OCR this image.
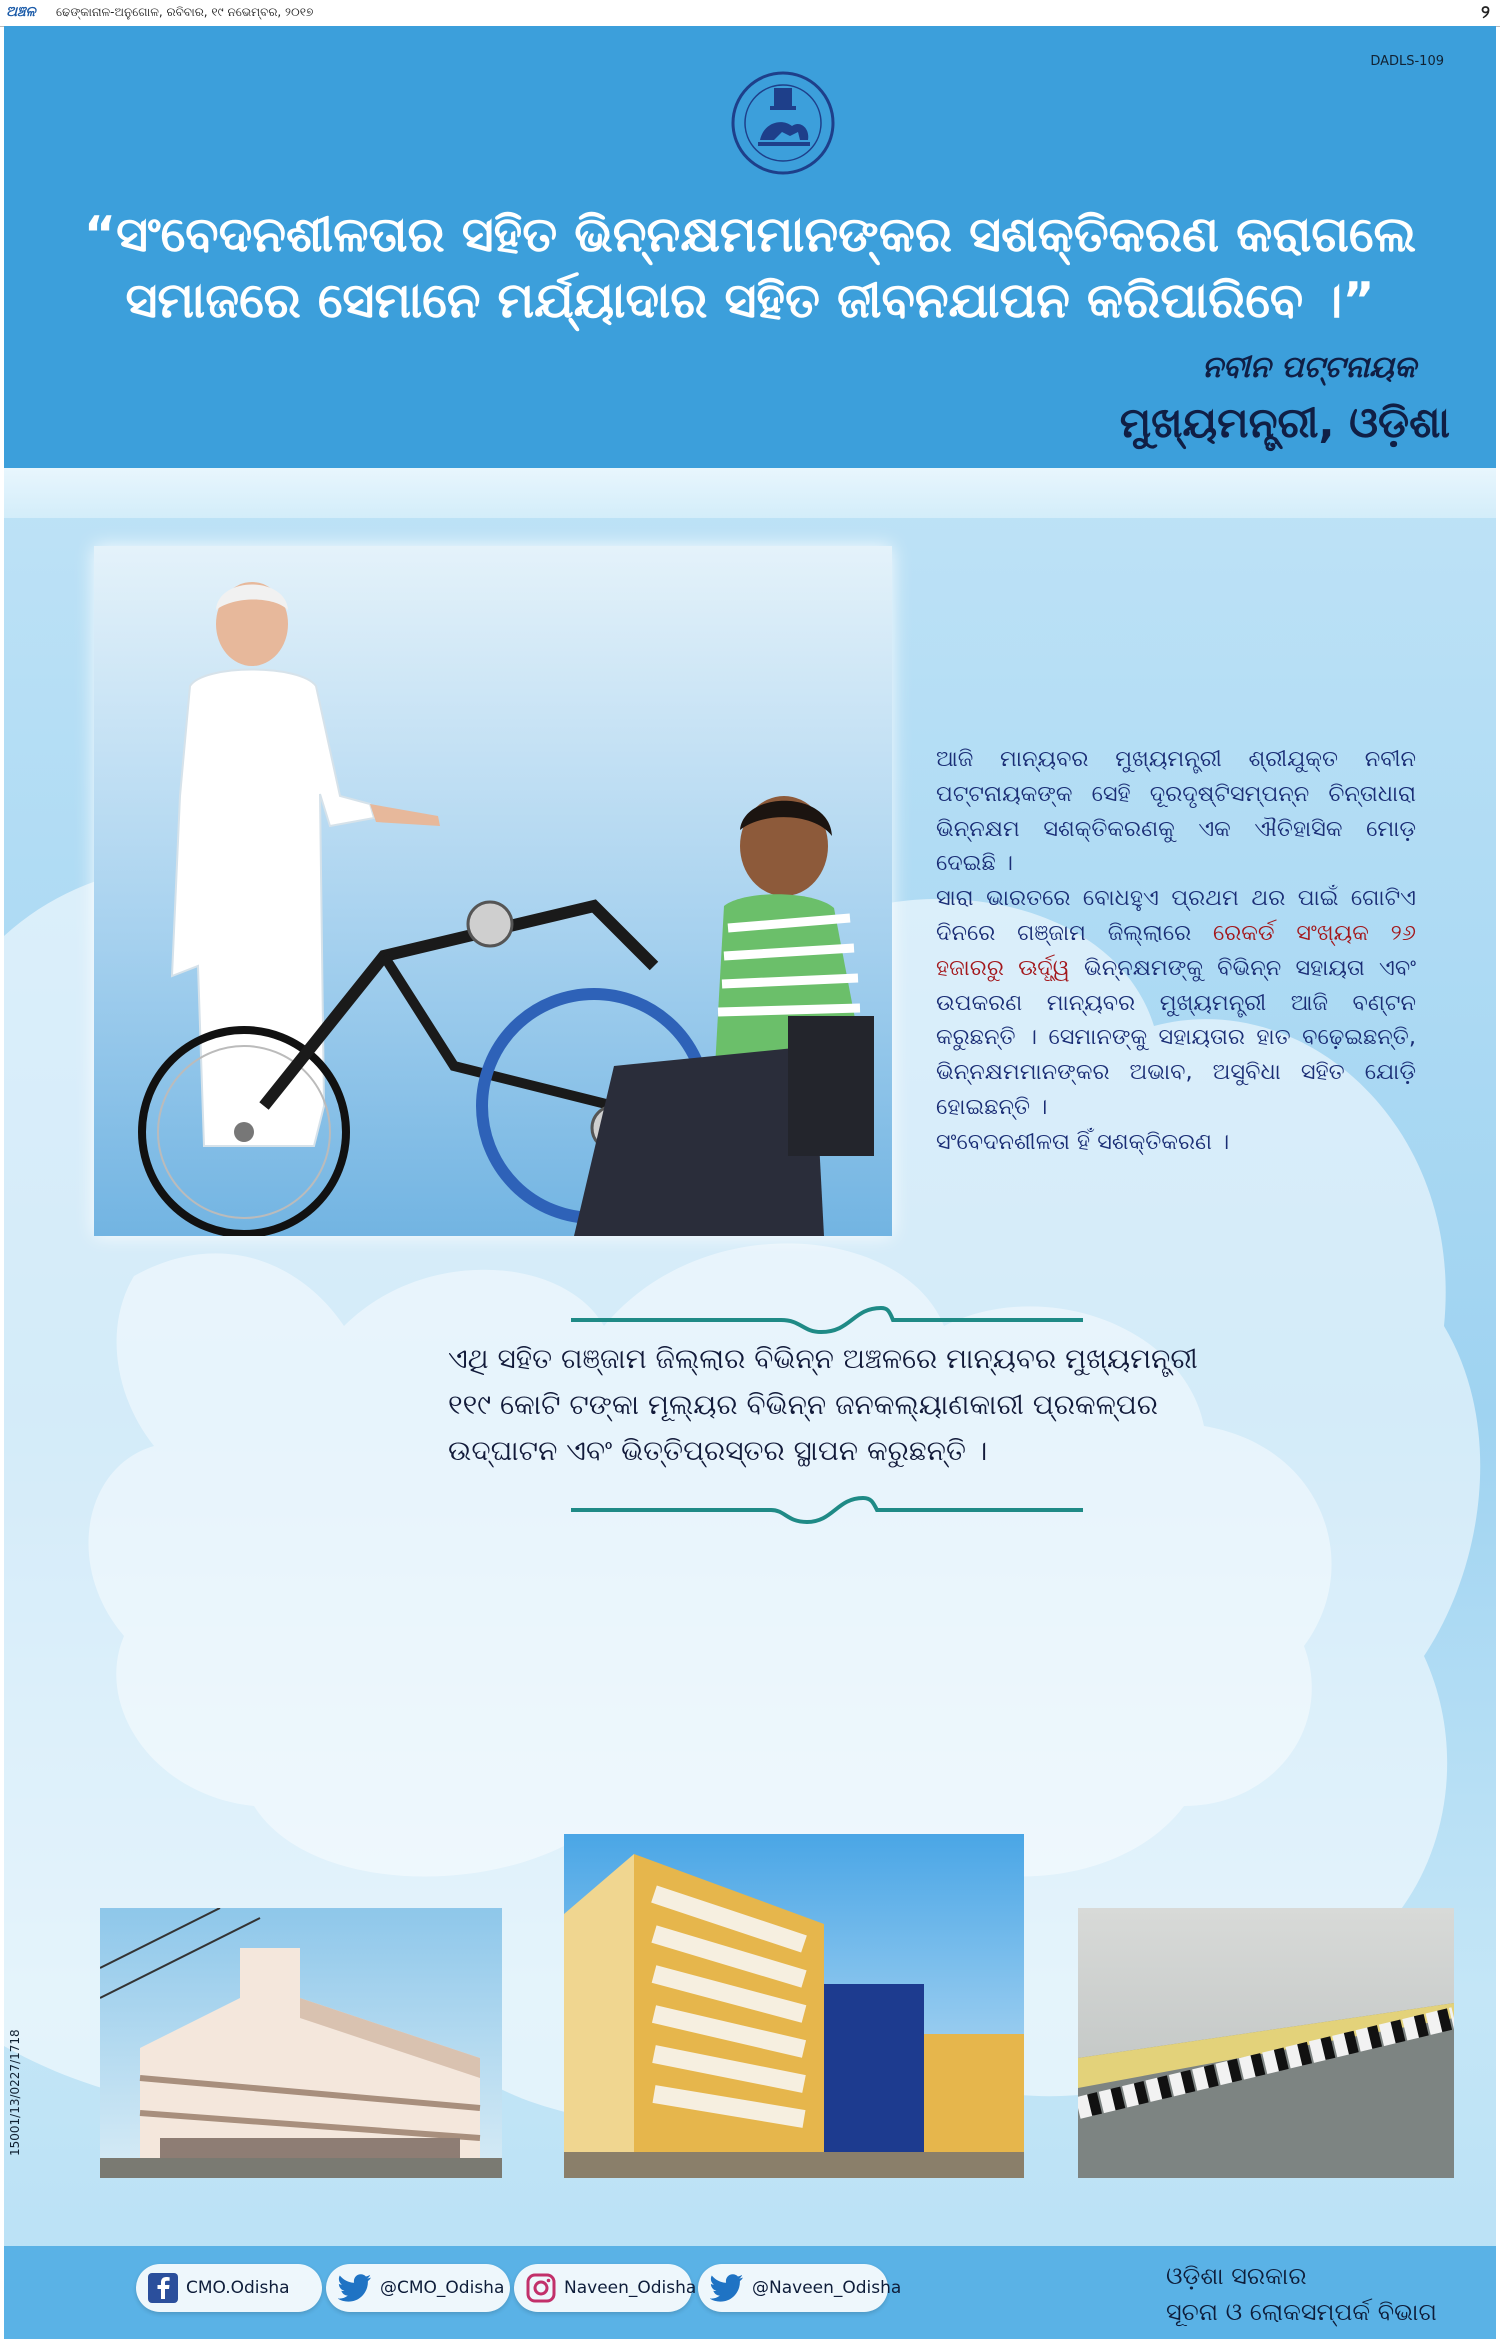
ଅଞ୍ଚଳ ଢେଙ୍କାନାଳ-ଅନୁଗୋଳ, ରବିବାର, ୧୯ ନଭେମ୍ବର, ୨୦୧୭	୨
DADLS-109
“ସଂବେଦନଶୀଳତାର ସହିତ ଭିନ୍ନକ୍ଷମମାନଙ୍କର ସଶକ୍ତିକରଣ କରାଗଲେ
ସମାଜରେ ସେମାନେ ମର୍ଯ୍ୟାଦାର ସହିତ ଜୀବନଯାପନ କରିପାରିବେ ।”
ନବୀନ ପଟ୍ଟନାୟକ
ମୁଖ୍ୟମନ୍ତ୍ରୀ, ଓଡ଼ିଶା

ଆଜି ମାନ୍ୟବର ମୁଖ୍ୟମନ୍ତ୍ରୀ ଶ୍ରୀଯୁକ୍ତ ନବୀନ ପଟ୍ଟନାୟକଙ୍କ ସେହି ଦୂରଦୃଷ୍ଟିସମ୍ପନ୍ନ ଚିନ୍ତାଧାରା ଭିନ୍ନକ୍ଷମ ସଶକ୍ତିକରଣକୁ ଏକ ଐତିହାସିକ ମୋଡ଼ ଦେଇଛି ।

ସାରା ଭାରତରେ ବୋଧହୁଏ ପ୍ରଥମ ଥର ପାଇଁ ଗୋଟିଏ ଦିନରେ ଗଞ୍ଜାମ ଜିଲ୍ଲାରେ ରେକର୍ଡ ସଂଖ୍ୟକ ୨୬ ହଜାରରୁ ଊର୍ଦ୍ଧ୍ୱ ଭିନ୍ନକ୍ଷମଙ୍କୁ ବିଭିନ୍ନ ସହାୟତା ଏବଂ ଉପକରଣ ମାନ୍ୟବର ମୁଖ୍ୟମନ୍ତ୍ରୀ ଆଜି ବଣ୍ଟନ କରୁଛନ୍ତି । ସେମାନଙ୍କୁ ସହାୟତାର ହାତ ବଢ଼େଇଛନ୍ତି, ଭିନ୍ନକ୍ଷମମାନଙ୍କର ଅଭାବ, ଅସୁବିଧା ସହିତ ଯୋଡ଼ି ହୋଇଛନ୍ତି ।

ସଂବେଦନଶୀଳତା ହିଁ ସଶକ୍ତିକରଣ ।

ଏଥି ସହିତ ଗଞ୍ଜାମ ଜିଲ୍ଲାର ବିଭିନ୍ନ ଅଞ୍ଚଳରେ ମାନ୍ୟବର ମୁଖ୍ୟମନ୍ତ୍ରୀ ୧୧୯ କୋଟି ଟଙ୍କା ମୂଲ୍ୟର ବିଭିନ୍ନ ଜନକଲ୍ୟାଣକାରୀ ପ୍ରକଳ୍ପର ଉଦ୍‌ଘାଟନ ଏବଂ ଭିତ୍ତିପ୍ରସ୍ତର ସ୍ଥାପନ କରୁଛନ୍ତି ।
CMO.Odisha	@CMO_Odisha	Naveen_Odisha	@Naveen_Odisha	ଓଡ଼ିଶା ସରକାର
ସୂଚନା ଓ ଲୋକସମ୍ପର୍କ ବିଭାଗ
15001/13/0227/1718
